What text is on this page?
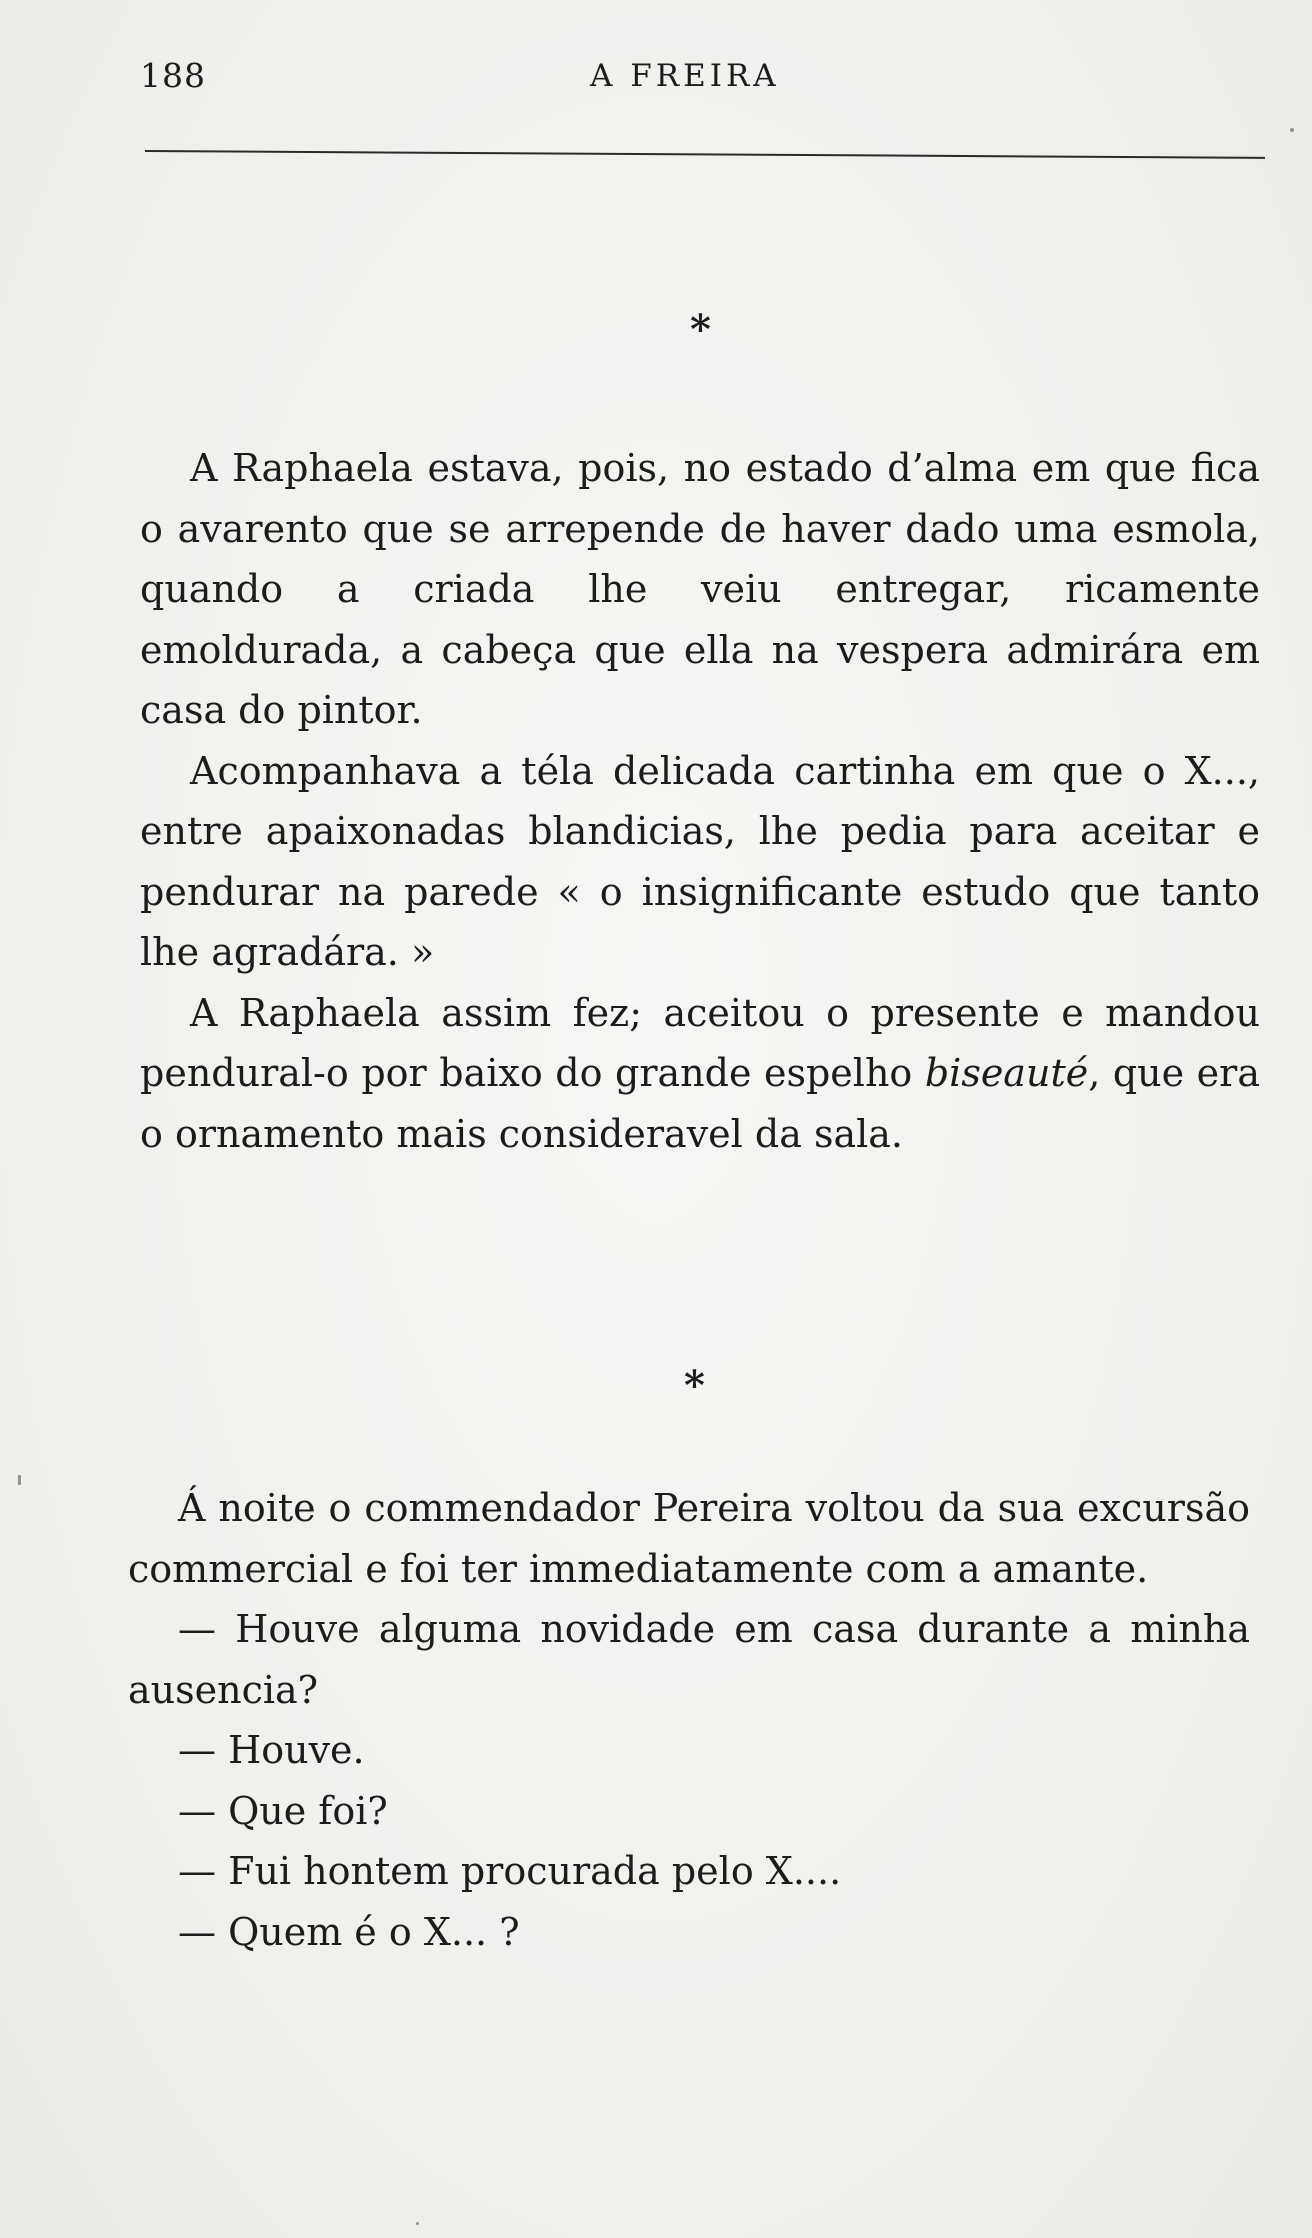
188	A FREIRA
*

A Raphaela estava, pois, no estado d’alma em que fica o avarento que se arrepende de haver dado uma esmola, quando a criada lhe veiu entregar, ricamente emoldurada, a cabeça que ella na vespera admirára em casa do pintor.

Acompanhava a téla delicada cartinha em que o X..., entre apaixonadas blandicias, lhe pedia para aceitar e pendurar na parede « o insignificante estudo que tanto lhe agradára. »

A Raphaela assim fez; aceitou o presente e mandou pendural-o por baixo do grande espelho biseauté, que era o ornamento mais consideravel da sala.

*

Á noite o commendador Pereira voltou da sua excursão commercial e foi ter immediatamente com a amante.

— Houve alguma novidade em casa durante a minha ausencia?

— Houve.

— Que foi?

— Fui hontem procurada pelo X....

— Quem é o X... ?
